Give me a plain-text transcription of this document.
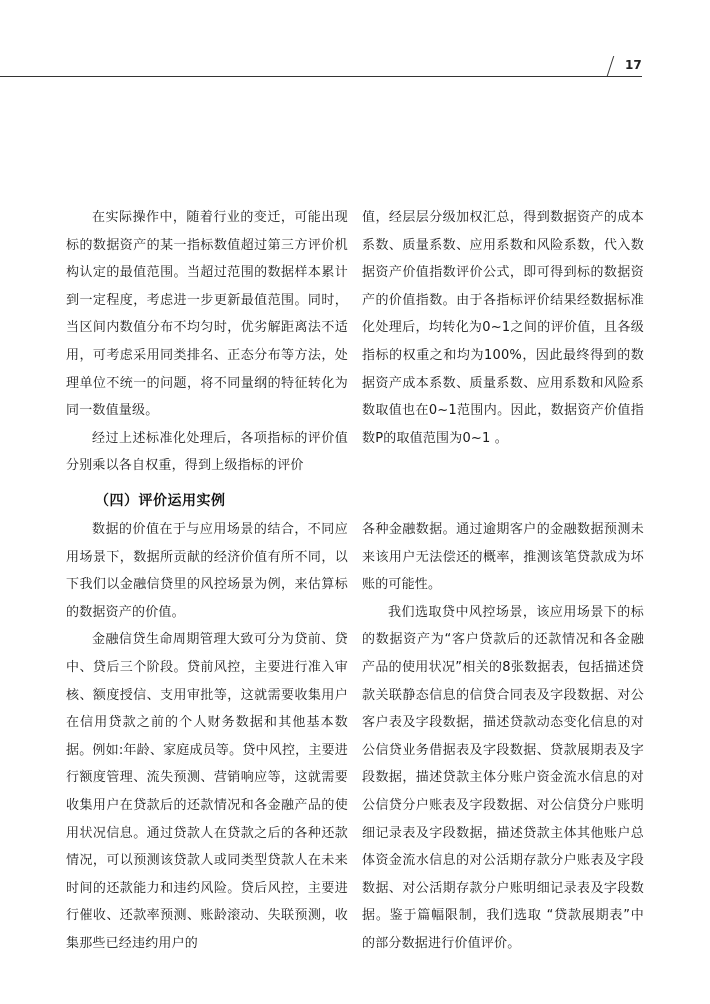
17

在实际操作中，随着行业的变迁，可能出现标的数据资产的某一指标数值超过第三方评价机构认定的最值范围。当超过范围的数据样本累计到一定程度，考虑进一步更新最值范围。同时，当区间内数值分布不均匀时，优劣解距离法不适用，可考虑采用同类排名、正态分布等方法，处理单位不统一的问题，将不同量纲的特征转化为同一数值量级。

经过上述标准化处理后，各项指标的评价值分别乘以各自权重，得到上级指标的评价

值，经层层分级加权汇总，得到数据资产的成本系数、质量系数、应用系数和风险系数，代入数据资产价值指数评价公式，即可得到标的数据资产的价值指数。由于各指标评价结果经数据标准化处理后，均转化为0~1之间的评价值，且各级指标的权重之和均为100%，因此最终得到的数据资产成本系数、质量系数、应用系数和风险系数取值也在0~1范围内。因此，数据资产价值指数P的取值范围为0~1 。

（四）评价运用实例

数据的价值在于与应用场景的结合，不同应用场景下，数据所贡献的经济价值有所不同，以下我们以金融信贷里的风控场景为例，来估算标的数据资产的价值。

金融信贷生命周期管理大致可分为贷前、贷中、贷后三个阶段。贷前风控，主要进行准入审核、额度授信、支用审批等，这就需要收集用户在信用贷款之前的个人财务数据和其他基本数据。例如:年龄、家庭成员等。贷中风控，主要进行额度管理、流失预测、营销响应等，这就需要收集用户在贷款后的还款情况和各金融产品的使用状况信息。通过贷款人在贷款之后的各种还款情况，可以预测该贷款人或同类型贷款人在未来时间的还款能力和违约风险。贷后风控，主要进行催收、还款率预测、账龄滚动、失联预测，收集那些已经违约用户的

各种金融数据。通过逾期客户的金融数据预测未来该用户无法偿还的概率，推测该笔贷款成为坏账的可能性。

我们选取贷中风控场景，该应用场景下的标的数据资产为“客户贷款后的还款情况和各金融产品的使用状况”相关的8张数据表，包括描述贷款关联静态信息的信贷合同表及字段数据、对公客户表及字段数据，描述贷款动态变化信息的对公信贷业务借据表及字段数据、贷款展期表及字段数据，描述贷款主体分账户资金流水信息的对公信贷分户账表及字段数据、对公信贷分户账明细记录表及字段数据，描述贷款主体其他账户总体资金流水信息的对公活期存款分户账表及字段数据、对公活期存款分户账明细记录表及字段数据。鉴于篇幅限制，我们选取 “贷款展期表”中的部分数据进行价值评价。
